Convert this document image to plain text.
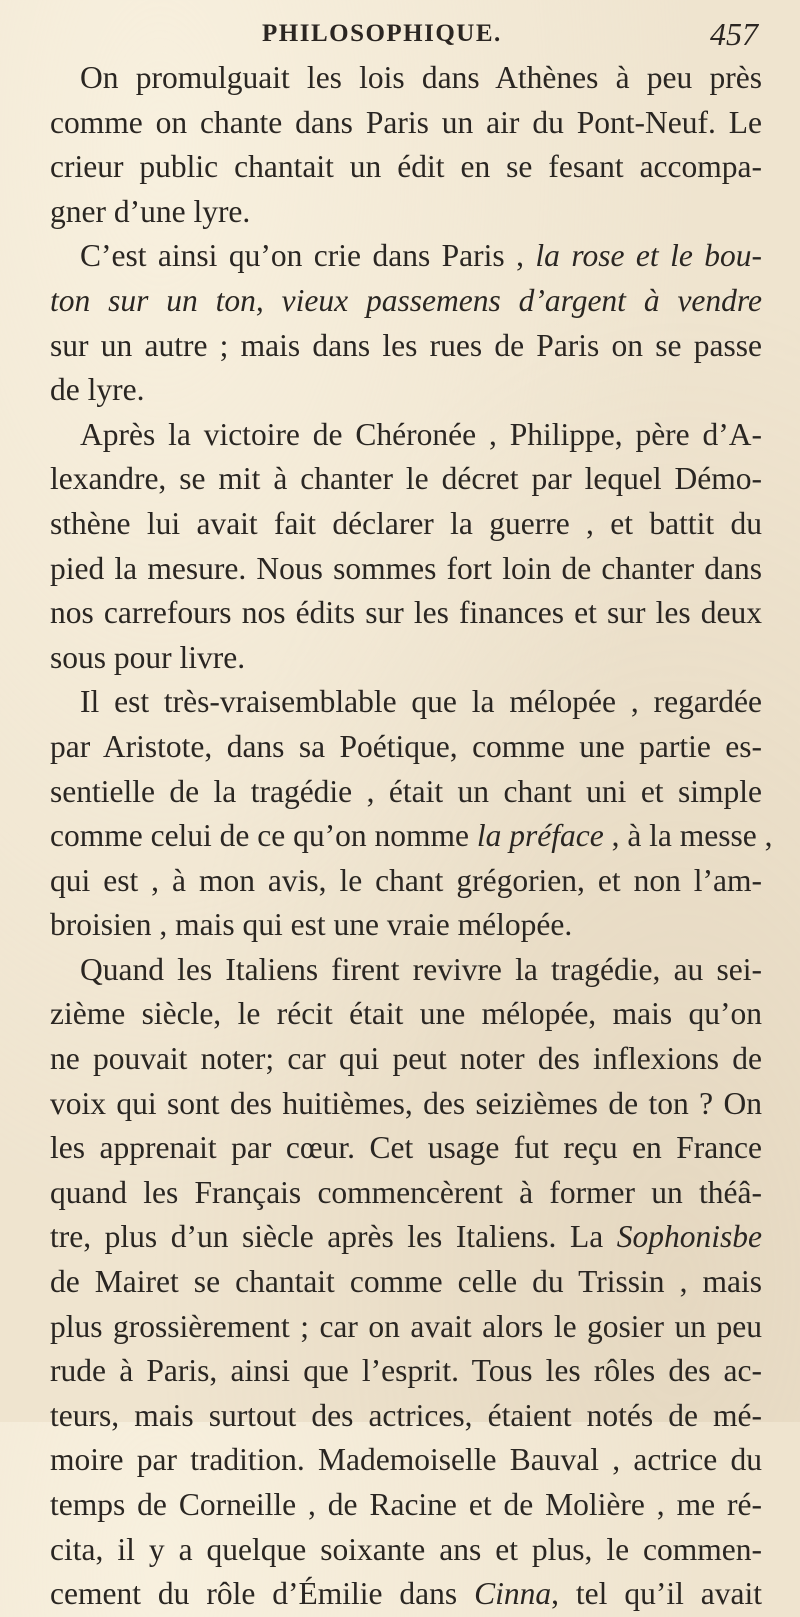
PHILOSOPHIQUE.	457
On promulguait les lois dans Athènes à peu près
comme on chante dans Paris un air du Pont-Neuf. Le
crieur public chantait un édit en se fesant accompa-
gner d’une lyre.
C’est ainsi qu’on crie dans Paris , la rose et le bou-
ton sur un ton, vieux passemens d’argent à vendre
sur un autre ; mais dans les rues de Paris on se passe
de lyre.
Après la victoire de Chéronée , Philippe, père d’A-
lexandre, se mit à chanter le décret par lequel Démo-
sthène lui avait fait déclarer la guerre , et battit du
pied la mesure. Nous sommes fort loin de chanter dans
nos carrefours nos édits sur les finances et sur les deux
sous pour livre.
Il est très-vraisemblable que la mélopée , regardée
par Aristote, dans sa Poétique, comme une partie es-
sentielle de la tragédie , était un chant uni et simple
comme celui de ce qu’on nomme la préface , à la messe ,
qui est , à mon avis, le chant grégorien, et non l’am-
broisien , mais qui est une vraie mélopée.
Quand les Italiens firent revivre la tragédie, au sei-
zième siècle, le récit était une mélopée, mais qu’on
ne pouvait noter; car qui peut noter des inflexions de
voix qui sont des huitièmes, des seizièmes de ton ? On
les apprenait par cœur. Cet usage fut reçu en France
quand les Français commencèrent à former un théâ-
tre, plus d’un siècle après les Italiens. La Sophonisbe
de Mairet se chantait comme celle du Trissin , mais
plus grossièrement ; car on avait alors le gosier un peu
rude à Paris, ainsi que l’esprit. Tous les rôles des ac-
teurs, mais surtout des actrices, étaient notés de mé-
moire par tradition. Mademoiselle Bauval , actrice du
temps de Corneille , de Racine et de Molière , me ré-
cita, il y a quelque soixante ans et plus, le commen-
cement du rôle d’Émilie dans Cinna, tel qu’il avait
